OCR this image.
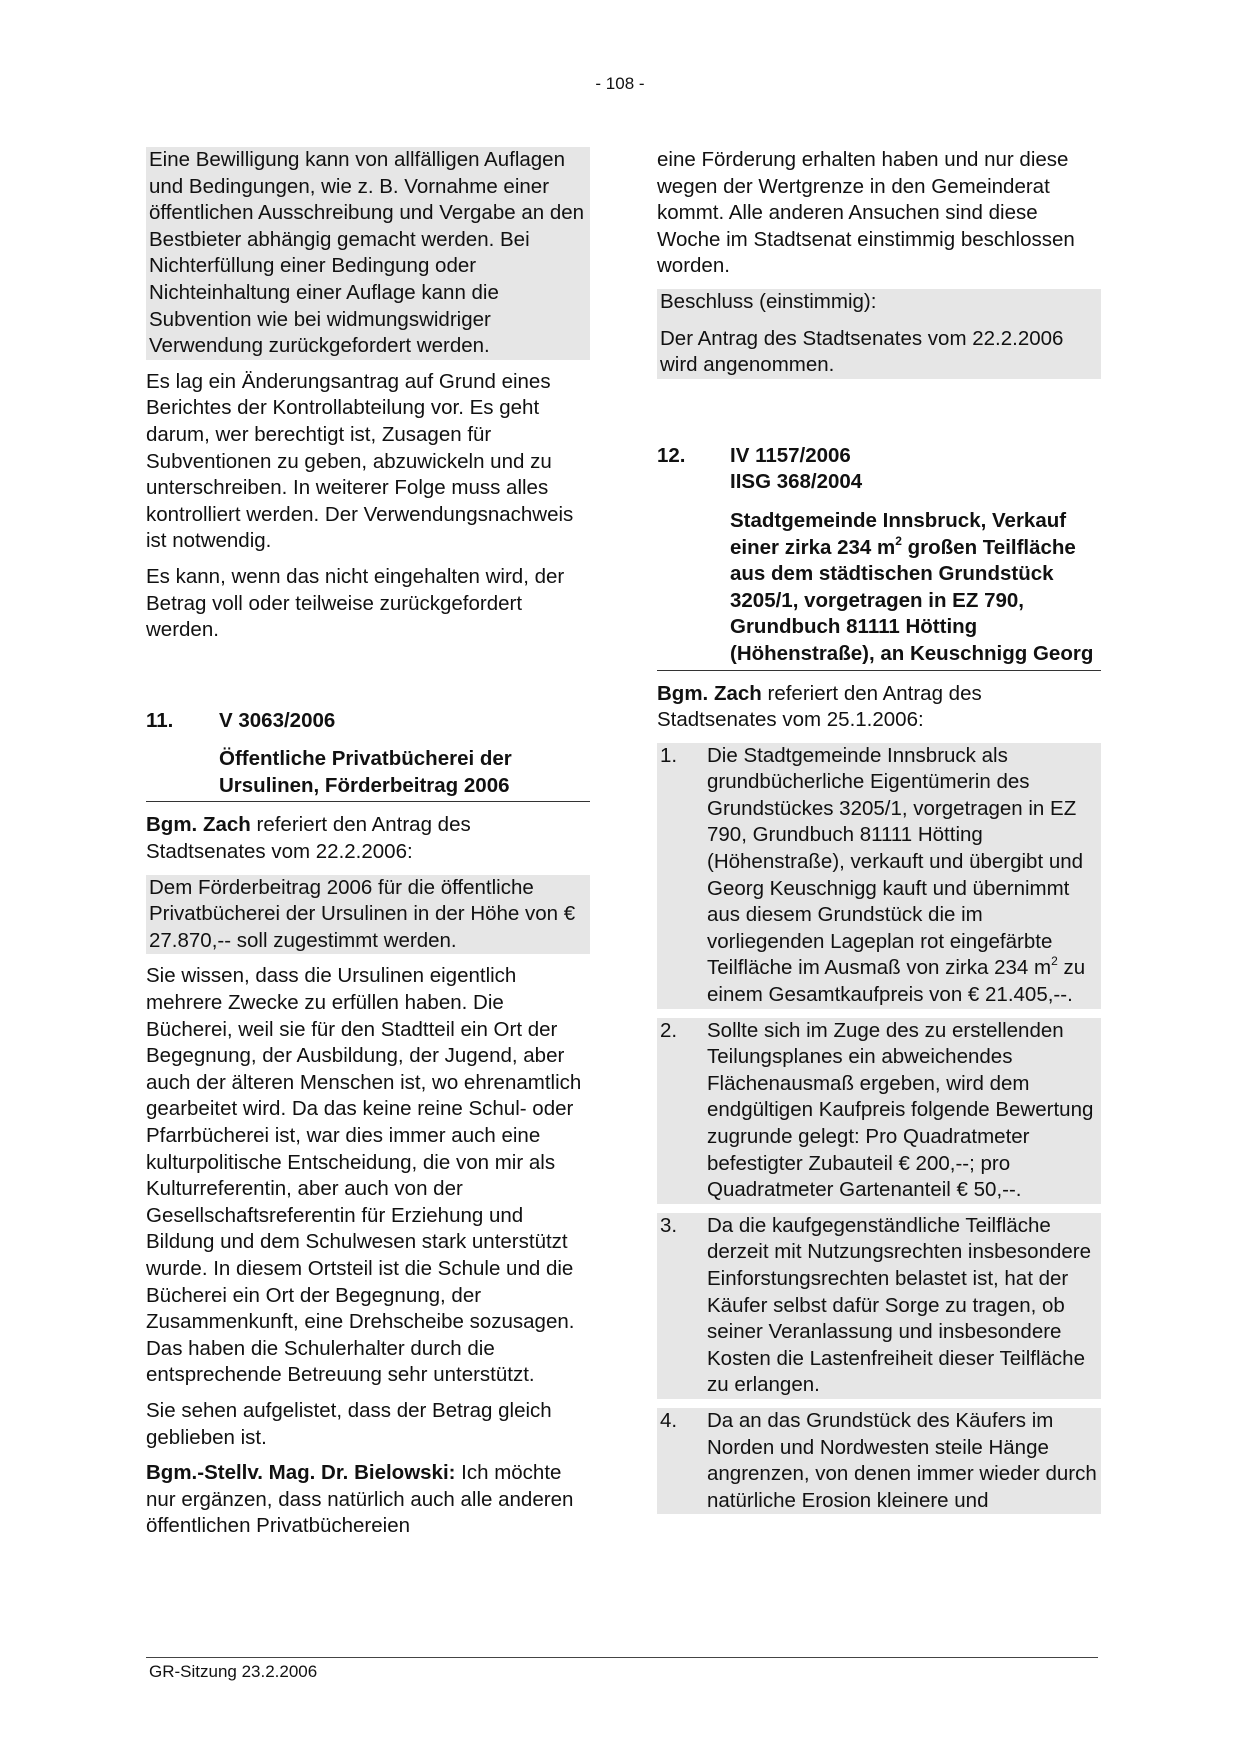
- 108 -

Eine Bewilligung kann von allfälligen Auflagen und Bedingungen, wie z. B. Vornahme einer öffentlichen Ausschreibung und Vergabe an den Bestbieter abhängig gemacht werden. Bei Nichterfüllung einer Bedingung oder Nichteinhaltung einer Auflage kann die Subvention wie bei widmungswidriger Verwendung zurückgefordert werden.

Es lag ein Änderungsantrag auf Grund eines Berichtes der Kontrollabteilung vor. Es geht darum, wer berechtigt ist, Zusagen für Subventionen zu geben, abzuwickeln und zu unterschreiben. In weiterer Folge muss alles kontrolliert werden. Der Verwendungsnachweis ist notwendig.

Es kann, wenn das nicht eingehalten wird, der Betrag voll oder teilweise zurückgefordert werden.

11.	V 3063/2006
Öffentliche Privatbücherei der Ursulinen, Förderbeitrag 2006

Bgm. Zach referiert den Antrag des Stadtsenates vom 22.2.2006:

Dem Förderbeitrag 2006 für die öffentliche Privatbücherei der Ursulinen in der Höhe von € 27.870,-- soll zugestimmt werden.

Sie wissen, dass die Ursulinen eigentlich mehrere Zwecke zu erfüllen haben. Die Bücherei, weil sie für den Stadtteil ein Ort der Begegnung, der Ausbildung, der Jugend, aber auch der älteren Menschen ist, wo ehrenamtlich gearbeitet wird. Da das keine reine Schul- oder Pfarrbücherei ist, war dies immer auch eine kulturpolitische Entscheidung, die von mir als Kulturreferentin, aber auch von der Gesellschaftsreferentin für Erziehung und Bildung und dem Schulwesen stark unterstützt wurde. In diesem Ortsteil ist die Schule und die Bücherei ein Ort der Begegnung, der Zusammenkunft, eine Drehscheibe sozusagen. Das haben die Schulerhalter durch die entsprechende Betreuung sehr unterstützt.

Sie sehen aufgelistet, dass der Betrag gleich geblieben ist.

Bgm.-Stellv. Mag. Dr. Bielowski: Ich möchte nur ergänzen, dass natürlich auch alle anderen öffentlichen Privatbüchereien

eine Förderung erhalten haben und nur diese wegen der Wertgrenze in den Gemeinderat kommt. Alle anderen Ansuchen sind diese Woche im Stadtsenat einstimmig beschlossen worden.

Beschluss (einstimmig):

Der Antrag des Stadtsenates vom 22.2.2006 wird angenommen.

12.	IV 1157/2006
IISG 368/2004
Stadtgemeinde Innsbruck, Verkauf einer zirka 234 $m^2$ großen Teilfläche aus dem städtischen Grundstück 3205/1, vorgetragen in EZ 790, Grundbuch 81111 Hötting (Höhenstraße), an Keuschnigg Georg

Bgm. Zach referiert den Antrag des Stadtsenates vom 25.1.2006:

1.	Die Stadtgemeinde Innsbruck als grundbücherliche Eigentümerin des Grundstückes 3205/1, vorgetragen in EZ 790, Grundbuch 81111 Hötting (Höhenstraße), verkauft und übergibt und Georg Keuschnigg kauft und übernimmt aus diesem Grundstück die im vorliegenden Lageplan rot eingefärbte Teilfläche im Ausmaß von zirka 234 $m^2$ zu einem Gesamtkaufpreis von € 21.405,--.
2.	Sollte sich im Zuge des zu erstellenden Teilungsplanes ein abweichendes Flächenausmaß ergeben, wird dem endgültigen Kaufpreis folgende Bewertung zugrunde gelegt: Pro Quadratmeter befestigter Zubauteil € 200,--; pro Quadratmeter Gartenanteil € 50,--.
3.	Da die kaufgegenständliche Teilfläche derzeit mit Nutzungsrechten insbesondere Einforstungsrechten belastet ist, hat der Käufer selbst dafür Sorge zu tragen, ob seiner Veranlassung und insbesondere Kosten die Lastenfreiheit dieser Teilfläche zu erlangen.
4.	Da an das Grundstück des Käufers im Norden und Nordwesten steile Hänge angrenzen, von denen immer wieder durch natürliche Erosion kleinere und
GR-Sitzung 23.2.2006
